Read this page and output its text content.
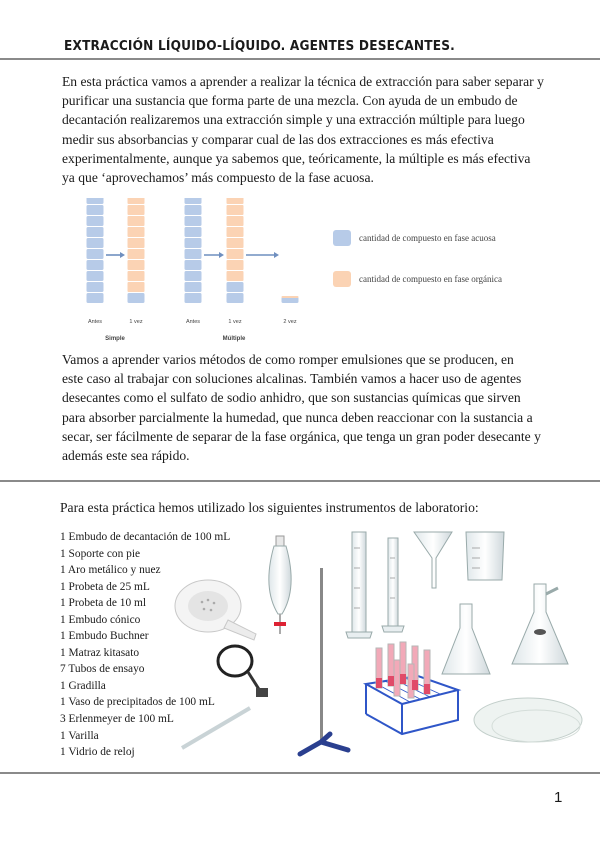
EXTRACCIÓN LÍQUIDO-LÍQUIDO. AGENTES DESECANTES.
En esta práctica vamos a aprender a realizar la técnica de extracción para saber separar y
purificar una sustancia que forma parte de una mezcla. Con ayuda de un embudo de
decantación realizaremos una extracción simple y una extracción múltiple para luego
medir sus absorbancias y comparar cual de las dos extracciones es más efectiva
experimentalmente, aunque ya sabemos que, teóricamente, la múltiple es más efectiva
ya que ‘aprovechamos’ más compuesto de la fase acuosa.
Antes	1 vez	Antes	1 vez	2 vez
Simple	Múltiple
cantidad de compuesto en fase acuosa
cantidad de compuesto en fase orgánica
Vamos a aprender varios métodos de como romper emulsiones que se producen, en
este caso al trabajar con soluciones alcalinas. También vamos a hacer uso de agentes
desecantes como el sulfato de sodio anhidro, que son sustancias químicas que sirven
para absorber parcialmente la humedad, que nunca deben reaccionar con la sustancia a
secar, ser fácilmente de separar de la fase orgánica, que tenga un gran poder desecante y
además este sea rápido.
Para esta práctica hemos utilizado los siguientes instrumentos de laboratorio:
1 Embudo de decantación de 100 mL
1 Soporte con pie
1 Aro metálico y nuez
1 Probeta de 25 mL
1 Probeta de 10 ml
1 Embudo cónico
1 Embudo Buchner
1 Matraz kitasato
7 Tubos de ensayo
1 Gradilla
1 Vaso de precipitados de 100 mL
3 Erlenmeyer de 100 mL
1 Varilla
1 Vidrio de reloj
1
